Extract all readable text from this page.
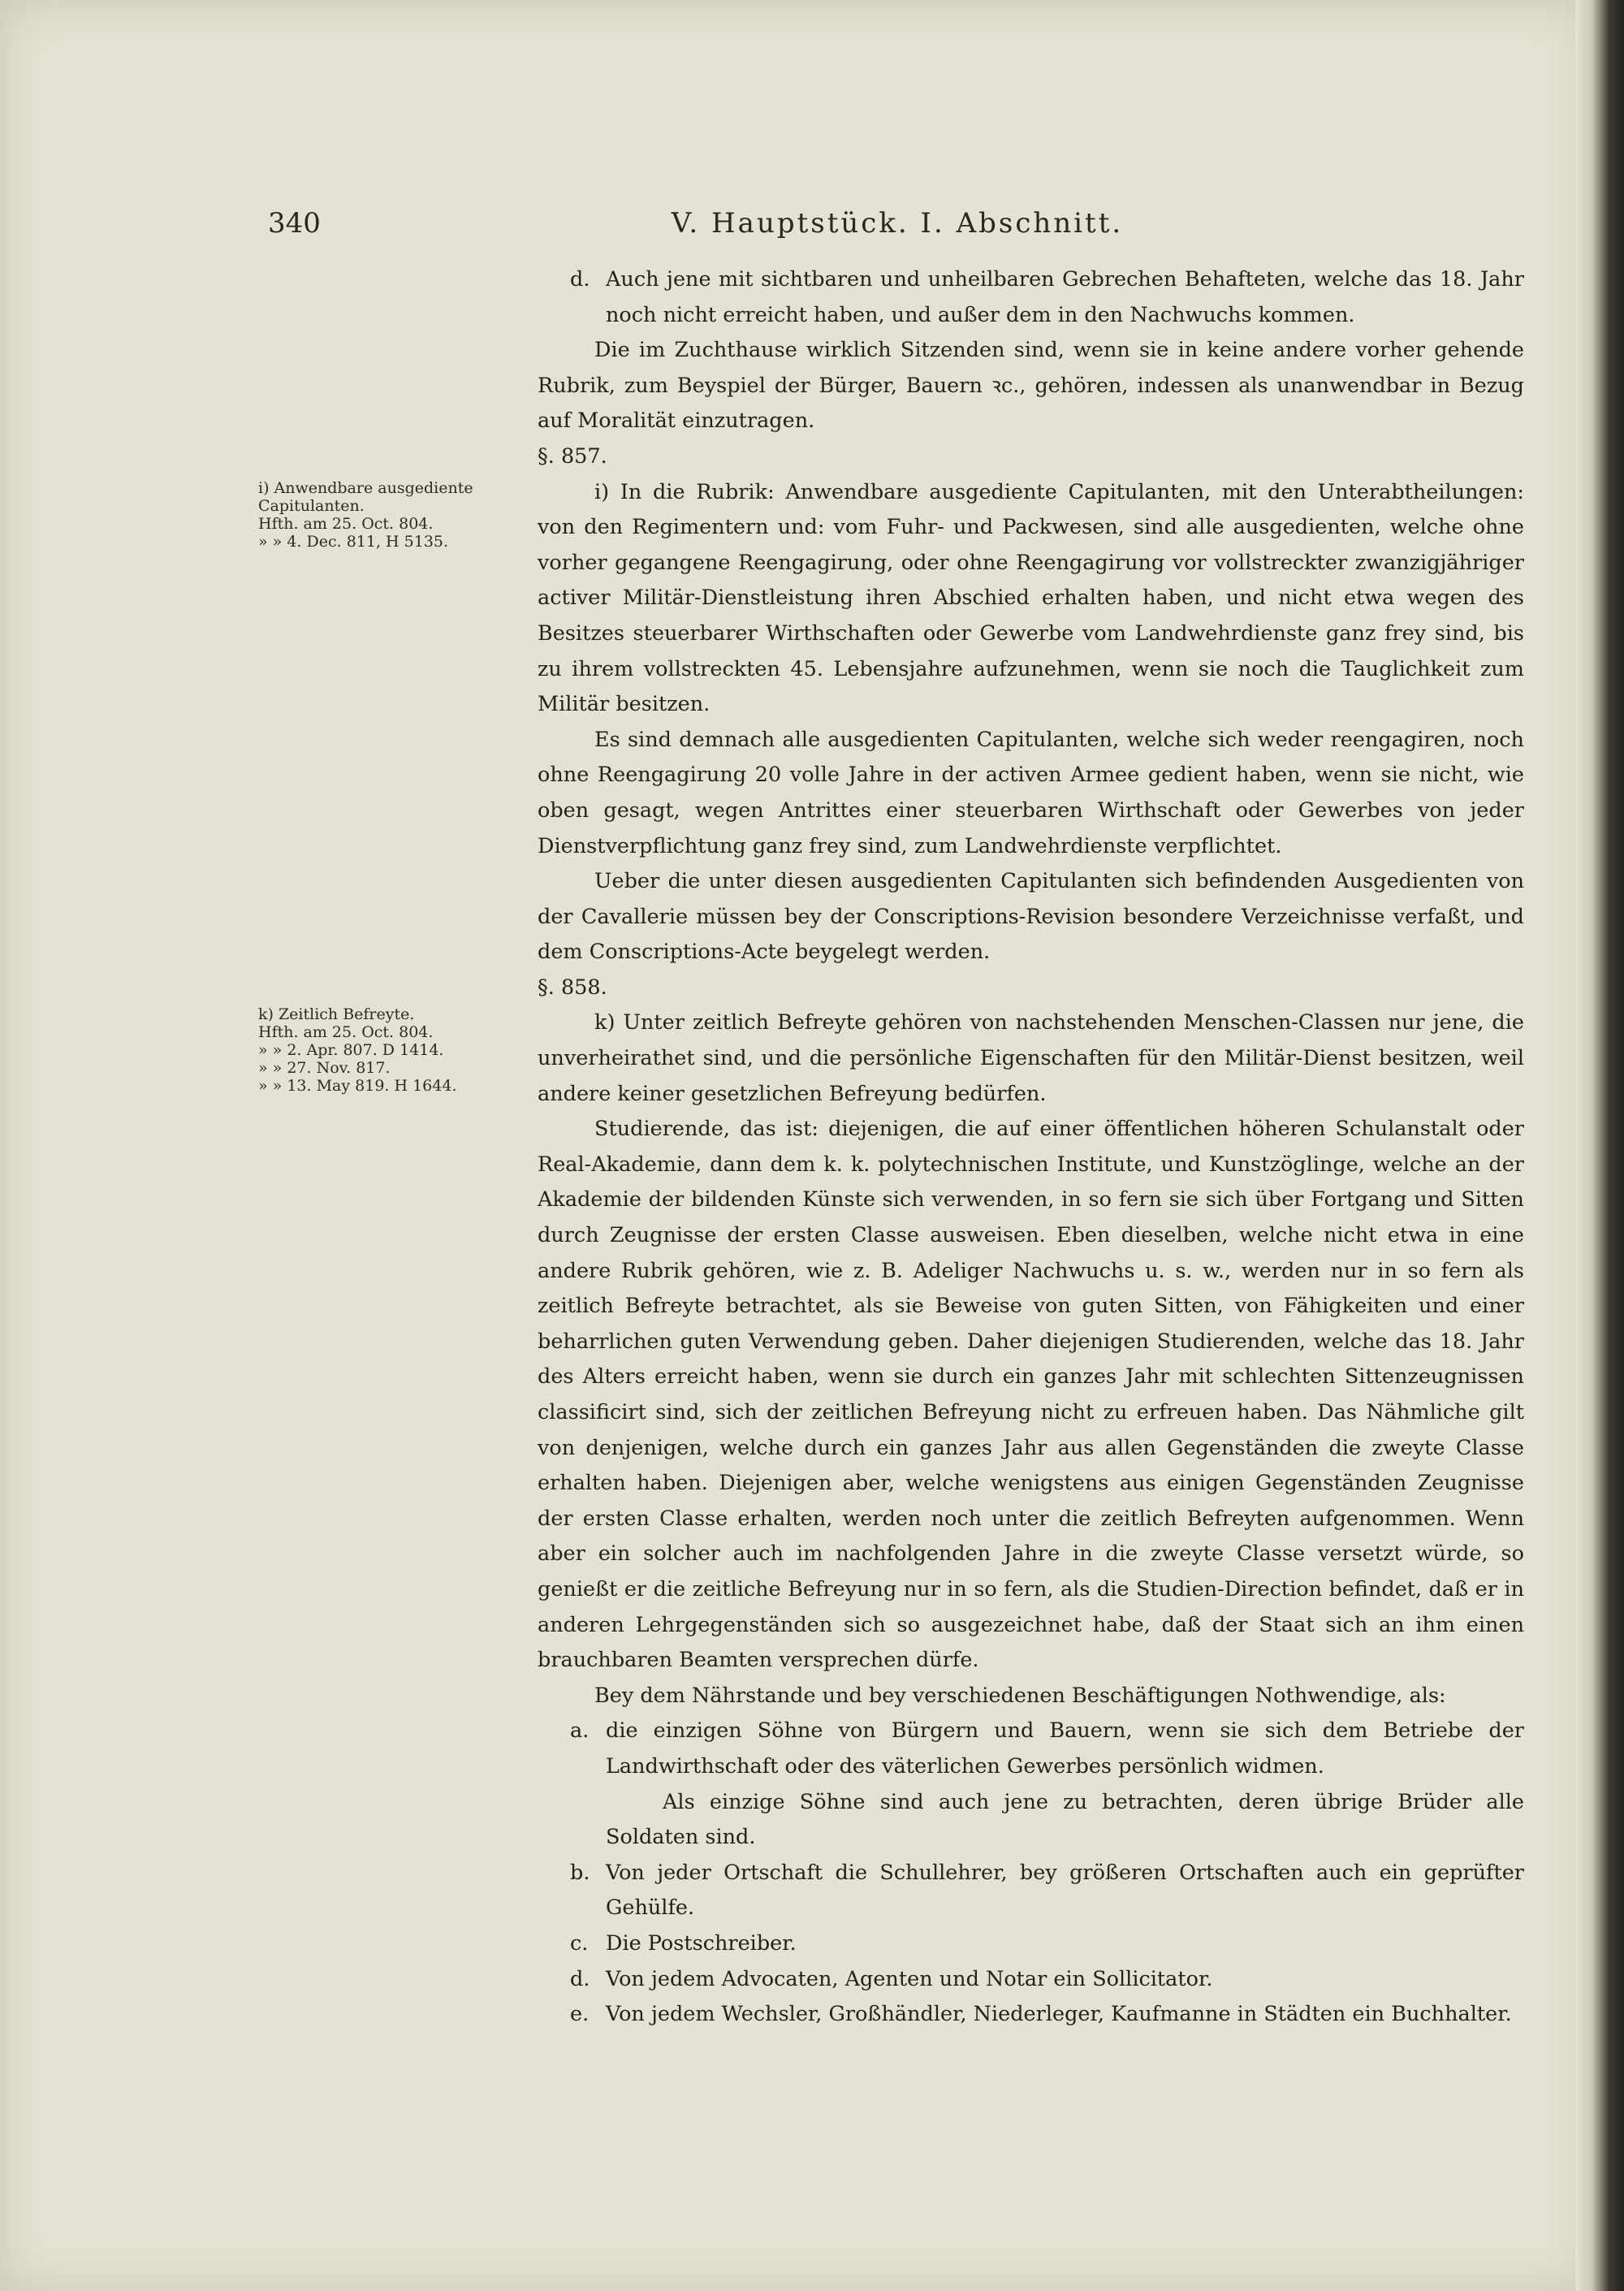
340	V. Hauptstück. I. Abschnitt.
i) Anwendbare ausgediente
Capitulanten.
Hfth. am 25. Oct. 804.
» » 4. Dec. 811, H 5135.
k) Zeitlich Befreyte.
Hfth. am 25. Oct. 804.
» » 2. Apr. 807. D 1414.
» » 27. Nov. 817.
» » 13. May 819. H 1644.

d. Auch jene mit sichtbaren und unheilbaren Gebrechen Behafteten, welche das 18. Jahr noch nicht erreicht haben, und außer dem in den Nachwuchs kommen.

Die im Zuchthause wirklich Sitzenden sind, wenn sie in keine andere vorher gehende Rubrik, zum Beyspiel der Bürger, Bauern ꝛc., gehören, indessen als unanwendbar in Bezug auf Moralität einzutragen.

§. 857.

i) In die Rubrik: Anwendbare ausgediente Capitulanten, mit den Unterabtheilungen: von den Regimentern und: vom Fuhr- und Packwesen, sind alle ausgedienten, welche ohne vorher gegangene Reengagirung, oder ohne Reengagirung vor vollstreckter zwanzigjähriger activer Militär-Dienstleistung ihren Abschied erhalten haben, und nicht etwa wegen des Besitzes steuerbarer Wirthschaften oder Gewerbe vom Landwehrdienste ganz frey sind, bis zu ihrem vollstreckten 45. Lebensjahre aufzunehmen, wenn sie noch die Tauglichkeit zum Militär besitzen.

Es sind demnach alle ausgedienten Capitulanten, welche sich weder reengagiren, noch ohne Reengagirung 20 volle Jahre in der activen Armee gedient haben, wenn sie nicht, wie oben gesagt, wegen Antrittes einer steuerbaren Wirthschaft oder Gewerbes von jeder Dienstverpflichtung ganz frey sind, zum Landwehrdienste verpflichtet.

Ueber die unter diesen ausgedienten Capitulanten sich befindenden Ausgedienten von der Cavallerie müssen bey der Conscriptions-Revision besondere Verzeichnisse verfaßt, und dem Conscriptions-Acte beygelegt werden.

§. 858.

k) Unter zeitlich Befreyte gehören von nachstehenden Menschen-Classen nur jene, die unverheirathet sind, und die persönliche Eigenschaften für den Militär-Dienst besitzen, weil andere keiner gesetzlichen Befreyung bedürfen.

Studierende, das ist: diejenigen, die auf einer öffentlichen höheren Schulanstalt oder Real-Akademie, dann dem k. k. polytechnischen Institute, und Kunstzöglinge, welche an der Akademie der bildenden Künste sich verwenden, in so fern sie sich über Fortgang und Sitten durch Zeugnisse der ersten Classe ausweisen. Eben dieselben, welche nicht etwa in eine andere Rubrik gehören, wie z. B. Adeliger Nachwuchs u. s. w., werden nur in so fern als zeitlich Befreyte betrachtet, als sie Beweise von guten Sitten, von Fähigkeiten und einer beharrlichen guten Verwendung geben. Daher diejenigen Studierenden, welche das 18. Jahr des Alters erreicht haben, wenn sie durch ein ganzes Jahr mit schlechten Sittenzeugnissen classificirt sind, sich der zeitlichen Befreyung nicht zu erfreuen haben. Das Nähmliche gilt von denjenigen, welche durch ein ganzes Jahr aus allen Gegenständen die zweyte Classe erhalten haben. Diejenigen aber, welche wenigstens aus einigen Gegenständen Zeugnisse der ersten Classe erhalten, werden noch unter die zeitlich Befreyten aufgenommen. Wenn aber ein solcher auch im nachfolgenden Jahre in die zweyte Classe versetzt würde, so genießt er die zeitliche Befreyung nur in so fern, als die Studien-Direction befindet, daß er in anderen Lehrgegenständen sich so ausgezeichnet habe, daß der Staat sich an ihm einen brauchbaren Beamten versprechen dürfe.

Bey dem Nährstande und bey verschiedenen Beschäftigungen Nothwendige, als:

a. die einzigen Söhne von Bürgern und Bauern, wenn sie sich dem Betriebe der Landwirthschaft oder des väterlichen Gewerbes persönlich widmen.

Als einzige Söhne sind auch jene zu betrachten, deren übrige Brüder alle Soldaten sind.

b. Von jeder Ortschaft die Schullehrer, bey größeren Ortschaften auch ein geprüfter Gehülfe.

c. Die Postschreiber.

d. Von jedem Advocaten, Agenten und Notar ein Sollicitator.

e. Von jedem Wechsler, Großhändler, Niederleger, Kaufmanne in Städten ein Buchhalter.
